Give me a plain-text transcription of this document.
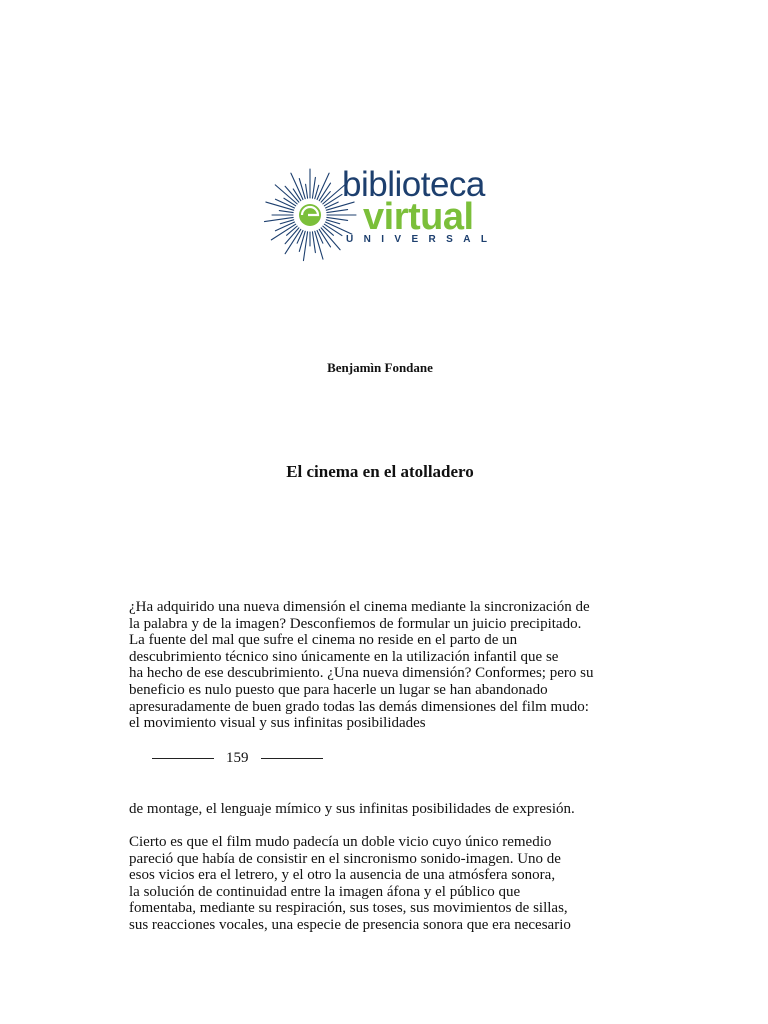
biblioteca
virtual
UNIVERSAL
Benjamìn Fondane
El cinema en el atolladero
¿Ha adquirido una nueva dimensión el cinema mediante la sincronización de
la palabra y de la imagen? Desconfiemos de formular un juicio precipitado.
La fuente del mal que sufre el cinema no reside en el parto de un
descubrimiento técnico sino únicamente en la utilización infantil que se
ha hecho de ese descubrimiento. ¿Una nueva dimensión? Conformes; pero su
beneficio es nulo puesto que para hacerle un lugar se han abandonado
apresuradamente de buen grado todas las demás dimensiones del film mudo:
el movimiento visual y sus infinitas posibilidades
159
de montage, el lenguaje mímico y sus infinitas posibilidades de expresión.
Cierto es que el film mudo padecía un doble vicio cuyo único remedio
pareció que había de consistir en el sincronismo sonido-imagen. Uno de
esos vicios era el letrero, y el otro la ausencia de una atmósfera sonora,
la solución de continuidad entre la imagen áfona y el público que
fomentaba, mediante su respiración, sus toses, sus movimientos de sillas,
sus reacciones vocales, una especie de presencia sonora que era necesario
